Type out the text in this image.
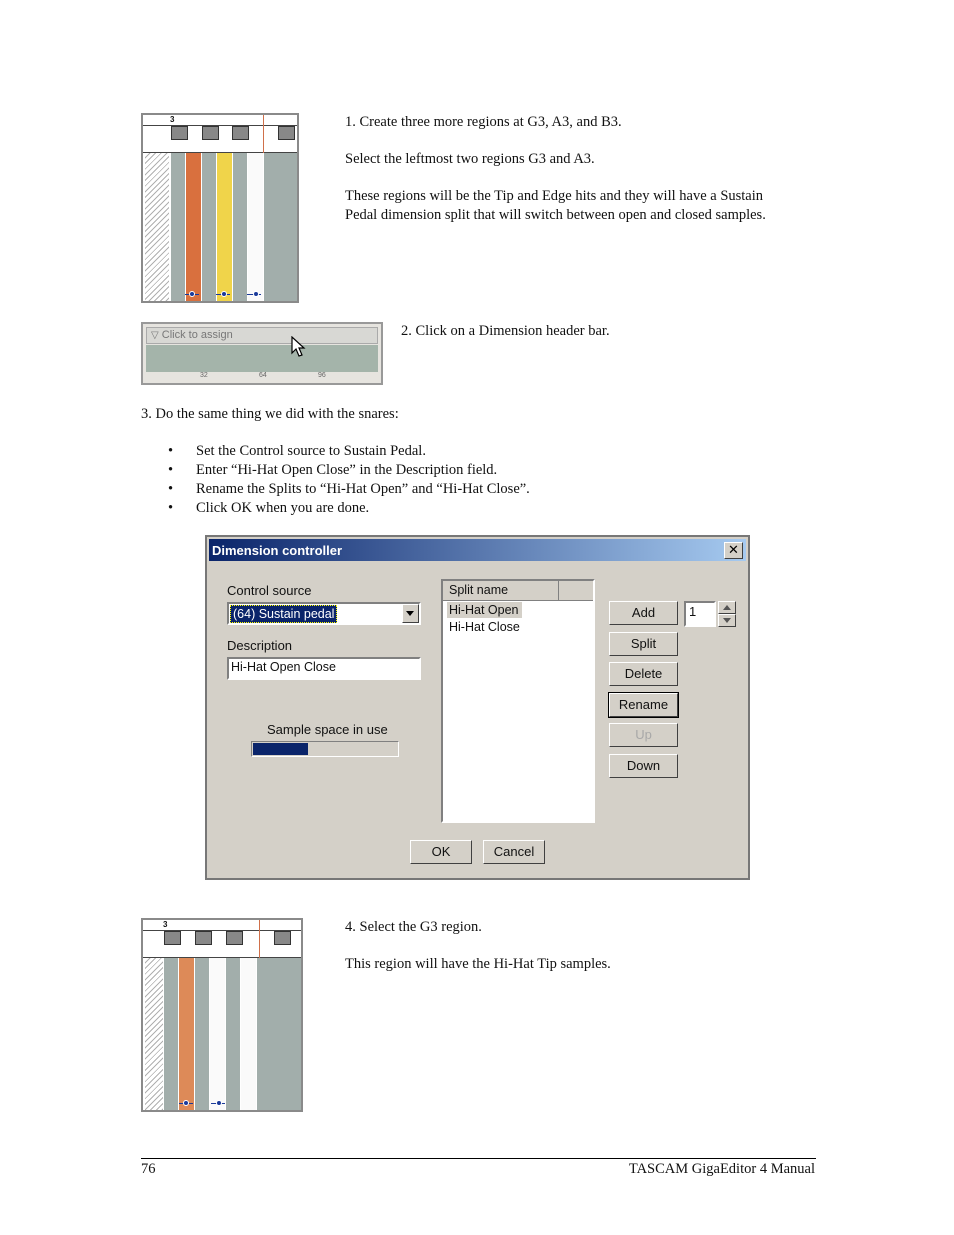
3	1. Create three more regions at G3, A3, and B3.
Select the leftmost two regions G3 and A3.
These regions will be the Tip and Edge hits and they will have a Sustain
Pedal dimension split that will switch between open and closed samples.
▽ Click to assign
32	64	96
2. Click on a Dimension header bar.
3. Do the same thing we did with the snares:
• Set the Control source to Sustain Pedal.
• Enter “Hi-Hat Open Close” in the Description field.
• Rename the Splits to “Hi-Hat Open” and “Hi-Hat Close”.
• Click OK when you are done.
Dimension controller	✕
Control source
(64) Sustain pedal
Description
Hi-Hat Open Close
Sample space in use
Split name
Hi-Hat Open
Hi-Hat Close
Add	1
Split
Delete
Rename
Up
Down
OK	Cancel
3	4. Select the G3 region.
This region will have the Hi-Hat Tip samples.
76	TASCAM GigaEditor 4 Manual
